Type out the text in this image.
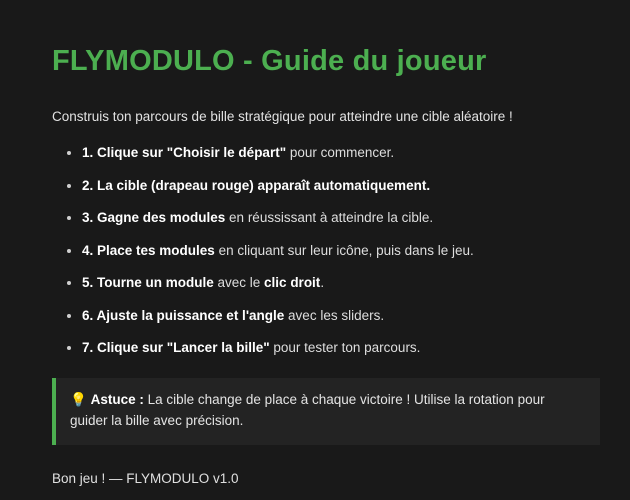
FLYMODULO - Guide du joueur

Construis ton parcours de bille stratégique pour atteindre une cible aléatoire !

• 1. Clique sur "Choisir le départ" pour commencer.
• 2. La cible (drapeau rouge) apparaît automatiquement.
• 3. Gagne des modules en réussissant à atteindre la cible.
• 4. Place tes modules en cliquant sur leur icône, puis dans le jeu.
• 5. Tourne un module avec le clic droit.
• 6. Ajuste la puissance et l'angle avec les sliders.
• 7. Clique sur "Lancer la bille" pour tester ton parcours.
💡 Astuce : La cible change de place à chaque victoire ! Utilise la rotation pour guider la bille avec précision.

Bon jeu ! — FLYMODULO v1.0
